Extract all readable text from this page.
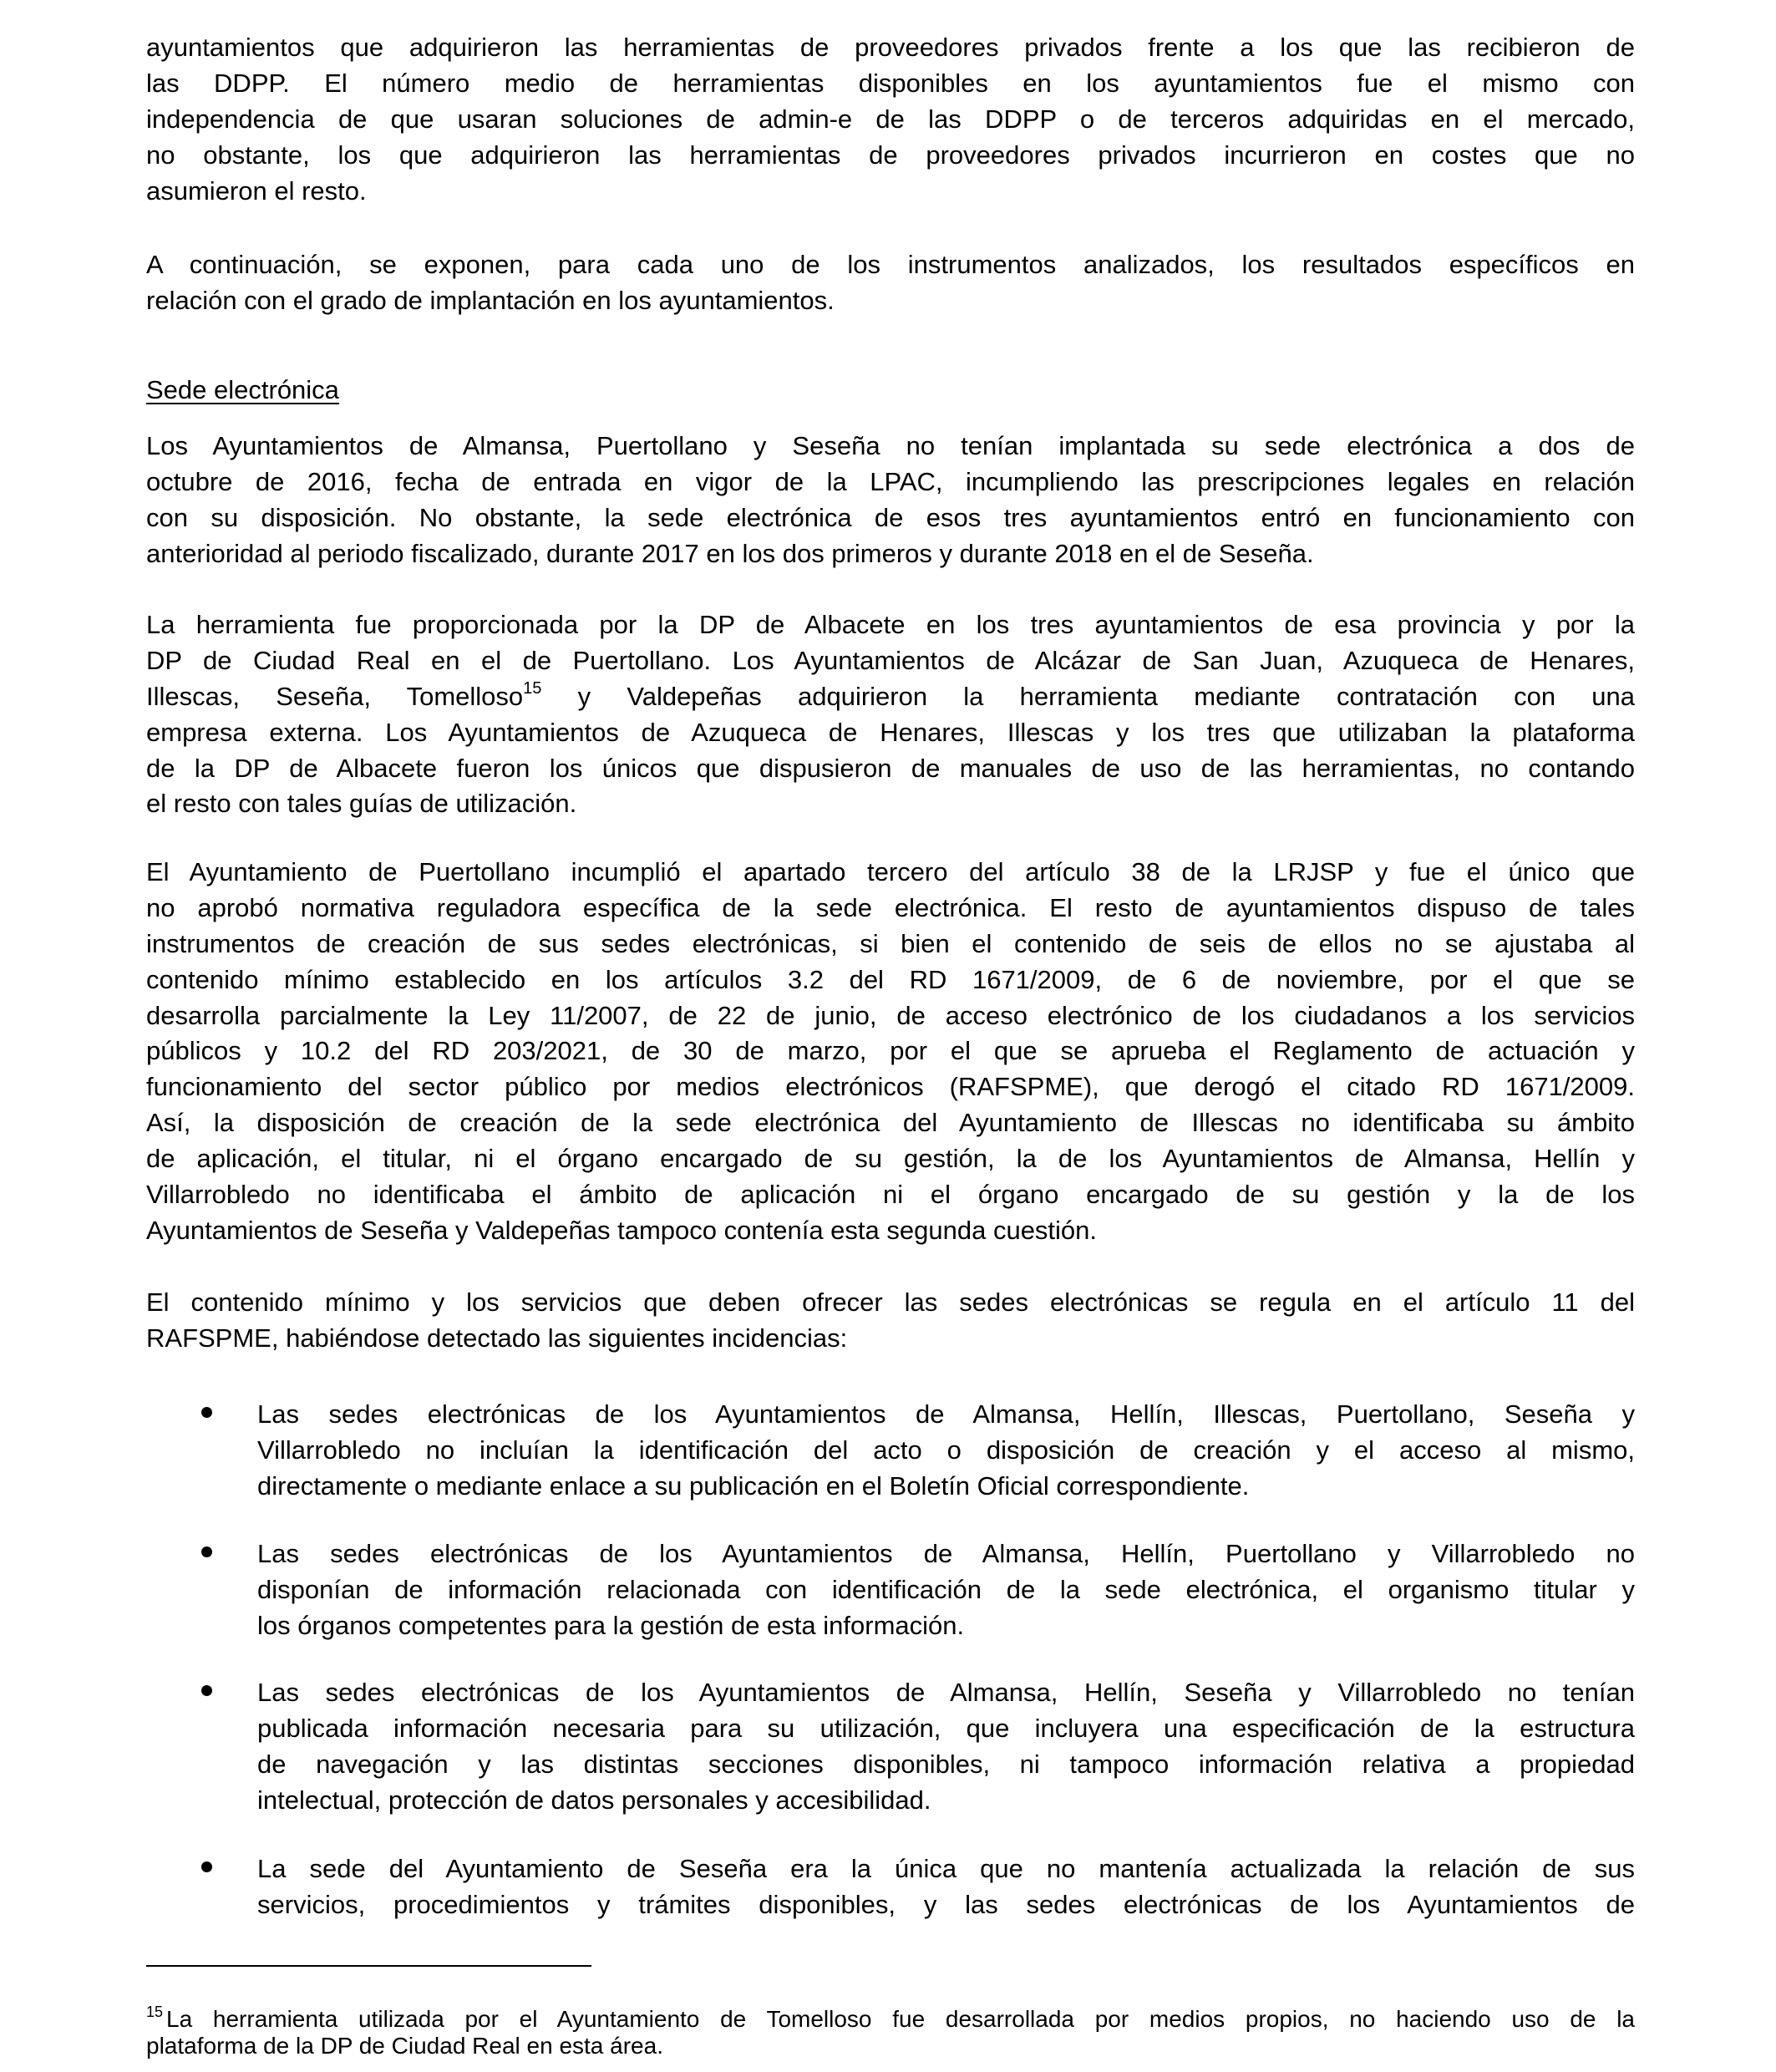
ayuntamientos que adquirieron las herramientas de proveedores privados frente a los que las recibieron de
las DDPP. El número medio de herramientas disponibles en los ayuntamientos fue el mismo con
independencia de que usaran soluciones de admin-e de las DDPP o de terceros adquiridas en el mercado,
no obstante, los que adquirieron las herramientas de proveedores privados incurrieron en costes que no
asumieron el resto.
A continuación, se exponen, para cada uno de los instrumentos analizados, los resultados específicos en
relación con el grado de implantación en los ayuntamientos.
Sede electrónica
Los Ayuntamientos de Almansa, Puertollano y Seseña no tenían implantada su sede electrónica a dos de
octubre de 2016, fecha de entrada en vigor de la LPAC, incumpliendo las prescripciones legales en relación
con su disposición. No obstante, la sede electrónica de esos tres ayuntamientos entró en funcionamiento con
anterioridad al periodo fiscalizado, durante 2017 en los dos primeros y durante 2018 en el de Seseña.
La herramienta fue proporcionada por la DP de Albacete en los tres ayuntamientos de esa provincia y por la
DP de Ciudad Real en el de Puertollano. Los Ayuntamientos de Alcázar de San Juan, Azuqueca de Henares,
Illescas, Seseña, Tomelloso$^{15}$ y Valdepeñas adquirieron la herramienta mediante contratación con una
empresa externa. Los Ayuntamientos de Azuqueca de Henares, Illescas y los tres que utilizaban la plataforma
de la DP de Albacete fueron los únicos que dispusieron de manuales de uso de las herramientas, no contando
el resto con tales guías de utilización.
El Ayuntamiento de Puertollano incumplió el apartado tercero del artículo 38 de la LRJSP y fue el único que
no aprobó normativa reguladora específica de la sede electrónica. El resto de ayuntamientos dispuso de tales
instrumentos de creación de sus sedes electrónicas, si bien el contenido de seis de ellos no se ajustaba al
contenido mínimo establecido en los artículos 3.2 del RD 1671/2009, de 6 de noviembre, por el que se
desarrolla parcialmente la Ley 11/2007, de 22 de junio, de acceso electrónico de los ciudadanos a los servicios
públicos y 10.2 del RD 203/2021, de 30 de marzo, por el que se aprueba el Reglamento de actuación y
funcionamiento del sector público por medios electrónicos (RAFSPME), que derogó el citado RD 1671/2009.
Así, la disposición de creación de la sede electrónica del Ayuntamiento de Illescas no identificaba su ámbito
de aplicación, el titular, ni el órgano encargado de su gestión, la de los Ayuntamientos de Almansa, Hellín y
Villarrobledo no identificaba el ámbito de aplicación ni el órgano encargado de su gestión y la de los
Ayuntamientos de Seseña y Valdepeñas tampoco contenía esta segunda cuestión.
El contenido mínimo y los servicios que deben ofrecer las sedes electrónicas se regula en el artículo 11 del
RAFSPME, habiéndose detectado las siguientes incidencias:
Las sedes electrónicas de los Ayuntamientos de Almansa, Hellín, Illescas, Puertollano, Seseña y
Villarrobledo no incluían la identificación del acto o disposición de creación y el acceso al mismo,
directamente o mediante enlace a su publicación en el Boletín Oficial correspondiente.
Las sedes electrónicas de los Ayuntamientos de Almansa, Hellín, Puertollano y Villarrobledo no
disponían de información relacionada con identificación de la sede electrónica, el organismo titular y
los órganos competentes para la gestión de esta información.
Las sedes electrónicas de los Ayuntamientos de Almansa, Hellín, Seseña y Villarrobledo no tenían
publicada información necesaria para su utilización, que incluyera una especificación de la estructura
de navegación y las distintas secciones disponibles, ni tampoco información relativa a propiedad
intelectual, protección de datos personales y accesibilidad.
La sede del Ayuntamiento de Seseña era la única que no mantenía actualizada la relación de sus
servicios, procedimientos y trámites disponibles, y las sedes electrónicas de los Ayuntamientos de
$^{15}$ La herramienta utilizada por el Ayuntamiento de Tomelloso fue desarrollada por medios propios, no haciendo uso de la
plataforma de la DP de Ciudad Real en esta área.
